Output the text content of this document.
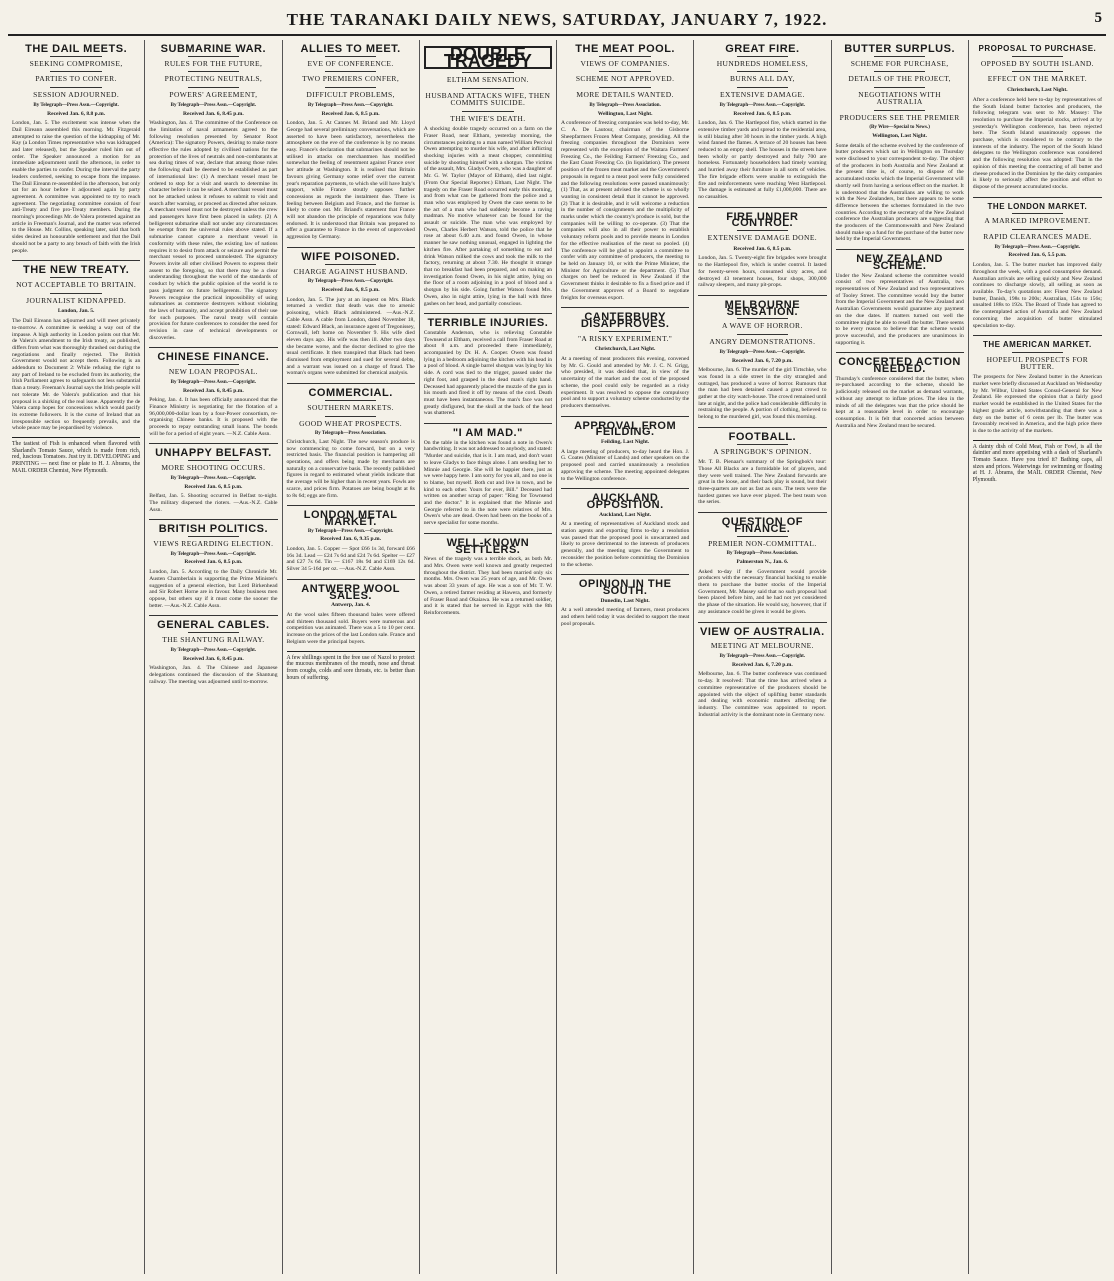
THE TARANAKI DAILY NEWS, SATURDAY, JANUARY 7, 1922.	5
THE DAIL MEETS.
SEEKING COMPROMISE,
PARTIES TO CONFER.
SESSION ADJOURNED.
By Telegraph—Press Assn.—Copyright.
Received Jan. 6, 8.8 p.m.

London, Jan. 5. The excitement was intense when the Dail Eireann assembled this morning. Mr. Fitzgerald attempted to raise the question of the kidnapping of Mr. Kay (a London Times representative who was kidnapped and later released), but the Speaker ruled him out of order. The Speaker announced a motion for an immediate adjournment until the afternoon, in order to enable the parties to confer. During the interval the party leaders conferred, seeking to escape from the impasse. The Dail Eireann re-assembled in the afternoon, but only sat for an hour before it adjourned again by party agreement. A committee was appointed to try to reach agreement. The negotiating committee consists of four anti-Treaty and five pro-Treaty members. During the morning's proceedings Mr. de Valera protested against an article in Freeman's Journal, and the matter was referred to the House. Mr. Collins, speaking later, said that both sides desired an honourable settlement and that the Dail should not be a party to any breach of faith with the Irish people.

THE NEW TREATY.
NOT ACCEPTABLE TO BRITAIN.
JOURNALIST KIDNAPPED.
London, Jan. 5.

The Dail Eireann has adjourned and will meet privately to-morrow. A committee is seeking a way out of the impasse. A high authority in London points out that Mr. de Valera's amendment to the Irish treaty, as published, differs from what was thoroughly thrashed out during the negotiations and finally rejected. The British Government would not accept them. Following is an addendum to Document 2: While refusing the right to any part of Ireland to be excluded from its authority, the Irish Parliament agrees to safeguards not less substantial than a treaty. Freeman's Journal says the Irish people will not tolerate Mr. de Valera's publication and that his proposal is a shirking of the real issue. Apparently the de Valera camp hopes for concessions which would pacify its extreme followers. It is the curse of Ireland that an irresponsible section so frequently prevails, and the whole peace may be jeopardised by violence.

The tastiest of Fish is enhanced when flavored with Sharland's Tomato Sauce, which is made from rich, red, luscious Tomatoes. Just try it. DEVELOPING and PRINTING — next fine or plate to H. J. Abrams, the MAIL ORDER Chemist, New Plymouth.
SUBMARINE WAR.
RULES FOR THE FUTURE,
PROTECTING NEUTRALS,
POWERS' AGREEMENT,
By Telegraph—Press Assn.—Copyright.
Received Jan. 6, 8.45 p.m.

Washington, Jan. 4. The committee of the Conference on the limitation of naval armaments agreed to the following resolution presented by Senator Root (America): The signatory Powers, desiring to make more effective the rules adopted by civilised nations for the protection of the lives of neutrals and non-combatants at sea during times of war, declare that among those rules the following shall be deemed to be established as part of international law: (1) A merchant vessel must be ordered to stop for a visit and search to determine its character before it can be seized. A merchant vessel must not be attacked unless it refuses to submit to visit and search after warning, or proceed as directed after seizure. A merchant vessel must not be destroyed unless the crew and passengers have first been placed in safety. (2) A belligerent submarine shall not under any circumstances be exempt from the universal rules above stated. If a submarine cannot capture a merchant vessel in conformity with these rules, the existing law of nations requires it to desist from attack or seizure and permit the merchant vessel to proceed unmolested. The signatory Powers invite all other civilised Powers to express their assent to the foregoing, so that there may be a clear understanding throughout the world of the standards of conduct by which the public opinion of the world is to pass judgment on future belligerents. The signatory Powers recognise the practical impossibility of using submarines as commerce destroyers without violating the laws of humanity, and accept prohibition of their use for such purposes. The naval treaty will contain provision for future conferences to consider the need for revision in case of technical developments or discoveries.

CHINESE FINANCE.
NEW LOAN PROPOSAL.
By Telegraph—Press Assn.—Copyright.
Received Jan. 6, 8.45 p.m.

Peking, Jan. 4. It has been officially announced that the Finance Ministry is negotiating for the flotation of a 96,000,000-dollar loan by a four-Power consortium, re-organising Chinese banks. It is proposed with the proceeds to repay outstanding small loans. The bonds will be for a period of eight years. —N.Z. Cable Assn.

UNHAPPY BELFAST.
MORE SHOOTING OCCURS.
By Telegraph—Press Assn.—Copyright.
Received Jan. 6, 8.5 p.m.

Belfast, Jan. 5. Shooting occurred in Belfast to-night. The military dispersed the rioters. —Aus.-N.Z. Cable Assn.

BRITISH POLITICS.
VIEWS REGARDING ELECTION.
By Telegraph—Press Assn.—Copyright.
Received Jan. 6, 8.5 p.m.

London, Jan. 5. According to the Daily Chronicle Mr. Austen Chamberlain is supporting the Prime Minister's suggestion of a general election, but Lord Birkenhead and Sir Robert Horne are in favour. Many business men oppose, but others say if it must come the sooner the better. —Aus.-N.Z. Cable Assn.

GENERAL CABLES.
THE SHANTUNG RAILWAY.
By Telegraph—Press Assn.—Copyright.
Received Jan. 6, 8.45 p.m.

Washington, Jan. 4. The Chinese and Japanese delegations continued the discussion of the Shantung railway. The meeting was adjourned until to-morrow.

ALLIES TO MEET.
EVE OF CONFERENCE.
TWO PREMIERS CONFER,
DIFFICULT PROBLEMS,
By Telegraph—Press Assn.—Copyright.
Received Jan. 6, 8.5 p.m.

London, Jan. 5. At Cannes M. Briand and Mr. Lloyd George had several preliminary conversations, which are asserted to have been satisfactory, nevertheless the atmosphere on the eve of the conference is by no means easy. France's declaration that submarines should not be utilised in attacks on merchantmen has modified somewhat the feeling of resentment against France over her attitude at Washington. It is realised that Britain favours giving Germany some relief over the current year's reparation payments, to which she will have Italy's support, while France stoutly opposes further concessions as regards the instalment due. There is feeling between Belgium and France, and the former is likely to come out. Mr. Briand's statement that France will not abandon the principle of reparations was fully endorsed. It is understood that Britain was prepared to offer a guarantee to France in the event of unprovoked aggression by Germany.

WIFE POISONED.
CHARGE AGAINST HUSBAND.
By Telegraph—Press Assn.—Copyright.
Received Jan. 6, 8.5 p.m.

London, Jan. 5. The jury at an inquest on Mrs. Black returned a verdict that death was due to arsenic poisoning, which Black administered. —Aus.-N.Z. Cable Assn. A cable from London, dated November 18, stated: Edward Black, an insurance agent of Tregonissey, Cornwall, left home on November 9. His wife died eleven days ago. His wife was then ill. After two days she became worse, and the doctor declined to give the usual certificate. It then transpired that Black had been dismissed from employment and sued for several debts, and a warrant was issued on a charge of fraud. The woman's organs were submitted for chemical analysis.

COMMERCIAL.
SOUTHERN MARKETS.
GOOD WHEAT PROSPECTS.
By Telegraph—Press Association.

Christchurch, Last Night. The new season's produce is now commencing to come forward, but on a very restricted basis. The financial position is hampering all operations, and offers being made by merchants are naturally on a conservative basis. The recently published figures in regard to estimated wheat yields indicate that the average will be higher than in recent years. Fowls are scarce, and prices firm. Potatoes are being bought at 8s to 8s 6d; eggs are firm.

LONDON METAL MARKET.
By Telegraph—Press Assn.—Copyright.
Received Jan. 6, 9.35 p.m.

London, Jan. 5. Copper — Spot £66 1s 3d, forward £66 16s 3d. Lead — £24 7s 6d and £24 7s 6d. Spelter — £27 and £27 7s 6d. Tin — £167 18s 9d and £169 12s 6d. Silver 34 5-16d per oz. —Aus.-N.Z. Cable Assn.

ANTWERP WOOL SALES.
Antwerp, Jan. 4.

At the wool sales fifteen thousand bales were offered and thirteen thousand sold. Buyers were numerous and competition was animated. There was a 5 to 10 per cent. increase on the prices of the last London sale. France and Belgium were the principal buyers.

A few shillings spent in the free use of Nazol to protect the mucous membranes of the mouth, nose and throat from coughs, colds and sore throats, etc. is better than hours of suffering.
DOUBLE TRAGEDY
ELTHAM SENSATION.
HUSBAND ATTACKS WIFE, THEN COMMITS SUICIDE.
THE WIFE'S DEATH.

A shocking double tragedy occurred on a farm on the Fraser Road, near Eltham, yesterday morning, the circumstances pointing to a man named William Percival Owen attempting to murder his wife, and after inflicting shocking injuries with a meat chopper, committing suicide by shooting himself with a shotgun. The victims of the assault, Mrs. Gladys Owen, who was a daughter of Mr. G. W. Taylor (Mayor of Eltham), died last night. (From Our Special Reporter.) Eltham, Last Night. The tragedy on the Fraser Road occurred early this morning, and from what can be gathered from the police and a man who was employed by Owen the case seems to be the act of a man who had suddenly become a raving madman. No motive whatever can be found for the assault or suicide. The man who was employed by Owen, Charles Herbert Watson, told the police that he rose at about 6.40 a.m. and found Owen, in whose manner he saw nothing unusual, engaged in lighting the kitchen fire. After partaking of something to eat and drink Watson milked the cows and took the milk to the factory, returning at about 7.30. He thought it strange that no breakfast had been prepared, and on making an investigation found Owen, in his night attire, lying on the floor of a room adjoining in a pool of blood and a shotgun by his side. Going further Watson found Mrs. Owen, also in night attire, lying in the hall with three gashes on her head, and partially conscious.

TERRIBLE INJURIES.

Constable Anderson, who is relieving Constable Townsend at Eltham, received a call from Fraser Road at about 8 a.m. and proceeded there immediately, accompanied by Dr. H. A. Cooper. Owen was found lying in a bedroom adjoining the kitchen with his head in a pool of blood. A single barrel shotgun was lying by his side. A cord was tied to the trigger, passed under the right foot, and grasped in the dead man's right hand. Deceased had apparently placed the muzzle of the gun in his mouth and fired it off by means of the cord. Death must have been instantaneous. The man's face was not greatly disfigured, but the skull at the back of the head was shattered.

"I AM MAD."

On the table in the kitchen was found a note in Owen's handwriting. It was not addressed to anybody, and stated: "Murder and suicide, that is it. I am mad, and don't want to leave Gladys to face things alone. I am sending her to Minnie and Georgie. She will be happier there, just as we were happy here. I am sorry for you all, and no one is to blame, but myself. Both cut and live in town, and be kind to each other. Yours for ever, Bill." Deceased had written on another scrap of paper: "Ring for Townsend and the doctor." It is explained that the Minnie and Georgie referred to in the note were relatives of Mrs. Owen's who are dead. Owen had been on the books of a nerve specialist for some months.

WELL-KNOWN SETTLERS.

News of the tragedy was a terrible shock, as both Mr. and Mrs. Owen were well known and greatly respected throughout the district. They had been married only six months. Mrs. Owen was 25 years of age, and Mr. Owen was about 33 years of age. He was a son of Mr. T. W. Owen, a retired farmer residing at Hawera, and formerly of Fraser Road and Okaiawa. He was a returned soldier, and it is stated that he served in Egypt with the 8th Reinforcements.

THE MEAT POOL.
VIEWS OF COMPANIES.
SCHEME NOT APPROVED.
MORE DETAILS WANTED.
By Telegraph—Press Association.
Wellington, Last Night.

A conference of freezing companies was held to-day, Mr. C. A. De Lautour, chairman of the Gisborne Sheepfarmers Frozen Meat Company, presiding. All the freezing companies throughout the Dominion were represented with the exception of the Waitara Farmers' Freezing Co., the Feilding Farmers' Freezing Co., and the East Coast Freezing Co. (in liquidation). The present position of the frozen meat market and the Government's proposals in regard to a meat pool were fully considered and the following resolutions were passed unanimously: (1) That, as at present advised the scheme is so wholly wanting in consistent detail that it cannot be approved. (2) That it is desirable, and it will welcome a reduction in the number of consignments and the multiplicity of marks under which the country's produce is sold, but the companies will be willing to co-operate. (3) That the companies will also in all their power to establish voluntary reform pools and to provide means in London for the effective realisation of the meat so pooled. (4) The conference will be glad to appoint a committee to confer with any committee of producers, the meeting to be held on January 10, or with the Prime Minister, the Minister for Agriculture or the department. (5) That charges on beef be reduced in New Zealand if the Government thinks it desirable to fix a fixed price and if the Government approves of a Board to negotiate freights for overseas export.

CANTERBURY DISAPPROVES.
"A RISKY EXPERIMENT."
Christchurch, Last Night.

At a meeting of meat producers this evening, convened by Mr. G. Gould and attended by Mr. J. C. N. Grigg, who presided, it was decided that, in view of the uncertainty of the market and the cost of the proposed scheme, the pool could only be regarded as a risky experiment. It was resolved to oppose the compulsory pool and to support a voluntary scheme conducted by the producers themselves.

APPROVAL FROM FEILDING.
Feilding, Last Night.

A large meeting of producers, to-day heard the Hon. J. G. Coates (Minister of Lands) and other speakers on the proposed pool and carried unanimously a resolution approving the scheme. The meeting appointed delegates to the Wellington conference.

AUCKLAND OPPOSITION.
Auckland, Last Night.

At a meeting of representatives of Auckland stock and station agents and exporting firms to-day a resolution was passed that the proposed pool is unwarranted and likely to prove detrimental to the interests of producers generally, and the meeting urges the Government to reconsider the position before committing the Dominion to the scheme.

OPINION IN THE SOUTH.
Dunedin, Last Night.

At a well attended meeting of farmers, meat producers and others held today it was decided to support the meat pool proposals.

GREAT FIRE.
HUNDREDS HOMELESS,
BURNS ALL DAY,
EXTENSIVE DAMAGE.
By Telegraph—Press Assn.—Copyright.
Received Jan. 6, 8.5 p.m.

London, Jan. 6. The Hartlepool fire, which started in the extensive timber yards and spread to the residential area, is still blazing after 30 hours in the timber yards. A high wind fanned the flames. A terrace of 20 houses has been reduced to an empty shell. The houses in the streets have been wholly or partly destroyed and fully 700 are homeless. Fortunately householders had timely warning and hurried away their furniture in all sorts of vehicles. The fire brigade efforts were unable to extinguish the fire and reinforcements were reaching West Hartlepool. The damage is estimated at fully £1,000,000. There are no casualties.

FIRE UNDER CONTROL.
EXTENSIVE DAMAGE DONE.
Received Jan. 6, 8.5 p.m.

London, Jan. 5. Twenty-eight fire brigades were brought to the Hartlepool fire, which is under control. It lasted for twenty-seven hours, consumed sixty acres, and destroyed 43 tenement houses, four shops, 300,000 railway sleepers, and many pit-props.

MELBOURNE SENSATION.
A WAVE OF HORROR.
ANGRY DEMONSTRATIONS.
By Telegraph—Press Assn.—Copyright.
Received Jan. 6, 7.20 p.m.

Melbourne, Jan. 6. The murder of the girl Tirtschke, who was found in a side street in the city strangled and outraged, has produced a wave of horror. Rumours that the man had been detained caused a great crowd to gather at the city watch-house. The crowd remained until late at night, and the police had considerable difficulty in restraining the people. A portion of clothing, believed to belong to the murdered girl, was found this morning.

FOOTBALL.
A SPRINGBOK'S OPINION.

Mr. T. B. Pienaar's summary of the Springbok's tour: Those All Blacks are a formidable lot of players, and they were well trained. The New Zealand forwards are great in the loose, and their back play is sound, but their three-quarters are not as fast as ours. The tests were the hardest games we have ever played. The best team won the series.

QUESTION OF FINANCE.
PREMIER NON-COMMITTAL.
By Telegraph—Press Association.
Palmerston N., Jan. 6.

Asked to-day if the Government would provide producers with the necessary financial backing to enable them to purchase the butter stocks of the Imperial Government, Mr. Massey said that no such proposal had been placed before him, and he had not yet considered the phase of the situation. He would say, however, that if any assistance could be given it would be given.

VIEW OF AUSTRALIA.
MEETING AT MELBOURNE.
By Telegraph—Press Assn.—Copyright.
Received Jan. 6, 7.20 p.m.

Melbourne, Jan. 6. The butter conference was continued to-day. It resolved: That the time has arrived when a committee representative of the producers should be appointed with the object of uplifting butter standards and dealing with economic matters affecting the industry. The committee was appointed to report. Industrial activity is the dominant note in Germany now.

BUTTER SURPLUS.
SCHEME FOR PURCHASE,
DETAILS OF THE PROJECT,
NEGOTIATIONS WITH AUSTRALIA
PRODUCERS SEE THE PREMIER
(By Wire—Special to News.)
Wellington, Last Night.

Some details of the scheme evolved by the conference of butter producers which sat in Wellington on Thursday were disclosed to your correspondent to-day. The object of the producers in both Australia and New Zealand at the present time is, of course, to dispose of the accumulated stocks which the Imperial Government will shortly sell from having a serious effect on the market. It is understood that the Australians are willing to work with the New Zealanders, but there appears to be some difference between the schemes formulated in the two countries. According to the secretary of the New Zealand conference the Australian producers are suggesting that the producers of the Commonwealth and New Zealand should make up a fund for the purchase of the butter now held by the Imperial Government.

NEW ZEALAND SCHEME.

Under the New Zealand scheme the committee would consist of two representatives of Australia, two representatives of New Zealand and two representatives of Tooley Street. The committee would buy the butter from the Imperial Government and the New Zealand and Australian Governments would guarantee any payment on the due dates. If matters turned out well the committee might be able to resell the butter. There seems to be every reason to believe that the scheme would prove successful, and the producers are unanimous in supporting it.

CONCERTED ACTION NEEDED.

Thursday's conference considered that the butter, when re-purchased according to the scheme, should be judiciously released on the market as demand warrants, without any attempt to inflate prices. The idea in the minds of all the delegates was that the price should be kept at a reasonable level in order to encourage consumption. It is felt that concerted action between Australia and New Zealand must be secured.

PROPOSAL TO PURCHASE.
OPPOSED BY SOUTH ISLAND.
EFFECT ON THE MARKET.
Christchurch, Last Night.

After a conference held here to-day by representatives of the South Island butter factories and producers, the following telegram was sent to Mr. Massey: The resolution to purchase the Imperial stocks, arrived at by yesterday's Wellington conference, has been rejected here. The South Island unanimously opposes the purchase, which is considered to be contrary to the interests of the industry. The report of the South Island delegates to the Wellington conference was considered and the following resolution was adopted: That in the opinion of this meeting the contracting of all butter and cheese produced in the Dominion by the dairy companies is likely to seriously affect the position and effort to dispose of the present accumulated stocks.

THE LONDON MARKET.
A MARKED IMPROVEMENT.
RAPID CLEARANCES MADE.
By Telegraph—Press Assn.—Copyright.
Received Jan. 6, 5.5 p.m.

London, Jan. 5. The butter market has improved daily throughout the week, with a good consumptive demand. Australian arrivals are selling quickly and New Zealand continues to discharge slowly, all selling as soon as available. To-day's quotations are: Finest New Zealand butter, Danish, 198s to 200s; Australian, 154s to 156s; unsalted 188s to 192s. The Board of Trade has agreed to the contemplated action of Australia and New Zealand concerning the acquisition of butter stimulated speculation to-day.

THE AMERICAN MARKET.
HOPEFUL PROSPECTS FOR BUTTER.

The prospects for New Zealand butter in the American market were briefly discussed at Auckland on Wednesday by Mr. Wilbur, United States Consul-General for New Zealand. He expressed the opinion that a fairly good market would be established in the United States for the highest grade article, notwithstanding that there was a duty on the butter of 6 cents per lb. The butter was favourably received in America, and the high price there is due to the activity of the markets.

A dainty dish of Cold Meat, Fish or Fowl, is all the daintier and more appetising with a dash of Sharland's Tomato Sauce. Have you tried it? Bathing caps, all sizes and prices. Waterwings for swimming or floating at H. J. Abrams, the MAIL ORDER Chemist, New Plymouth.
